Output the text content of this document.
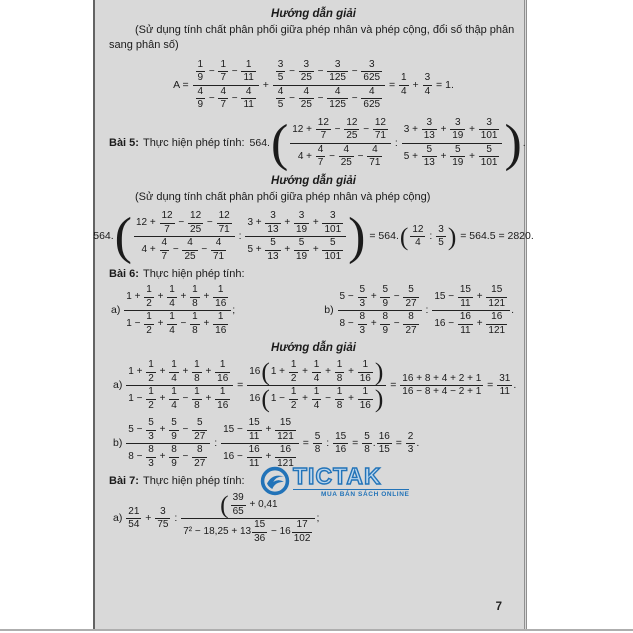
Hướng dẫn giải
(Sử dụng tính chất phân phối giữa phép nhân và phép cộng, đổi số thập phân sang phân số)
A = 1
9
− $\frac{1}{7} - \frac{1}{11}$
4
9
− $\frac{4}{7} - \frac{4}{11} + 3$
5
− $\frac{3}{25} - \frac{3}{125} - \frac{3}{625}$
4
5
− $\frac{4}{25} - \frac{4}{125} - \frac{4}{625} = \frac{1}{4} + \frac{3}{4} = 1$.
Bài 5: Thực hiện phép tính: 564. ( $12 + \frac{12}{7} - \frac{12}{25} - \frac{12}{71}$
$4 + \frac{4}{7} - \frac{4}{25} - \frac{4}{71}$
:
$3 + \frac{3}{13} + \frac{3}{19} + \frac{3}{101}$
$5 + \frac{5}{13} + \frac{5}{19} + \frac{5}{101}$ ) .
Hướng dẫn giải
(Sử dụng tính chất phân phối giữa phép nhân và phép cộng)
564. ( $12 + \frac{12}{7} - \frac{12}{25} - \frac{12}{71}$
$4 + \frac{4}{7} - \frac{4}{25} - \frac{4}{71}$
:
$3 + \frac{3}{13} + \frac{3}{19} + \frac{3}{101}$
$5 + \frac{5}{13} + \frac{5}{19} + \frac{5}{101}$ ) = 564. ( 12
4
:
3
5 ) = 564.5 = 2820.
Bài 6: Thực hiện phép tính:
a)
$1 + \frac{1}{2} + \frac{1}{4} + \frac{1}{8} + \frac{1}{16}$
$1 - \frac{1}{2} + \frac{1}{4} - \frac{1}{8} + \frac{1}{16}$
;	b)
$5 - \frac{5}{3} + \frac{5}{9} - \frac{5}{27}$
$8 - \frac{8}{3} + \frac{8}{9} - \frac{8}{27}$
:
$15 - \frac{15}{11} + \frac{15}{121}$
$16 - \frac{16}{11} + \frac{16}{121}$
.
Hướng dẫn giải
$a) \frac{1 + \frac{1}{2} + \frac{1}{4} + \frac{1}{8} + \frac{1}{16}}{1 - \frac{1}{2} + \frac{1}{4} - \frac{1}{8} + \frac{1}{16}} = \frac{16 ( 1 + \frac{1}{2} + \frac{1}{4} + \frac{1}{8} + \frac{1}{16} )}{16 ( 1 - \frac{1}{2} + \frac{1}{4} - \frac{1}{8} + \frac{1}{16} )} = \frac{16 + 8 + 4 + 2 + 1}{16 - 8 + 4 - 2 + 1} = \frac{31}{11}$ .
b)
$5 - \frac{5}{3} + \frac{5}{9} - \frac{5}{27}$
$8 - \frac{8}{3} + \frac{8}{9} - \frac{8}{27}$
: $\frac{15 - \frac{15}{11} + \frac{15}{121}}{16 - \frac{16}{11} + \frac{16}{121}} = \frac{5}{8}$ : $\frac{15}{16} = \frac{5}{8}$ . $\frac{16}{15} = \frac{2}{3}$ .
Bài 7: Thực hiện phép tính: TICTAK
MUA BÁN SÁCH ONLINE
a)
21
54
+ $\frac{3}{75}$ : ( 39
65
+ 0,41
7² − 18,25 + 13
15
36
− 16
17
102
;
7
